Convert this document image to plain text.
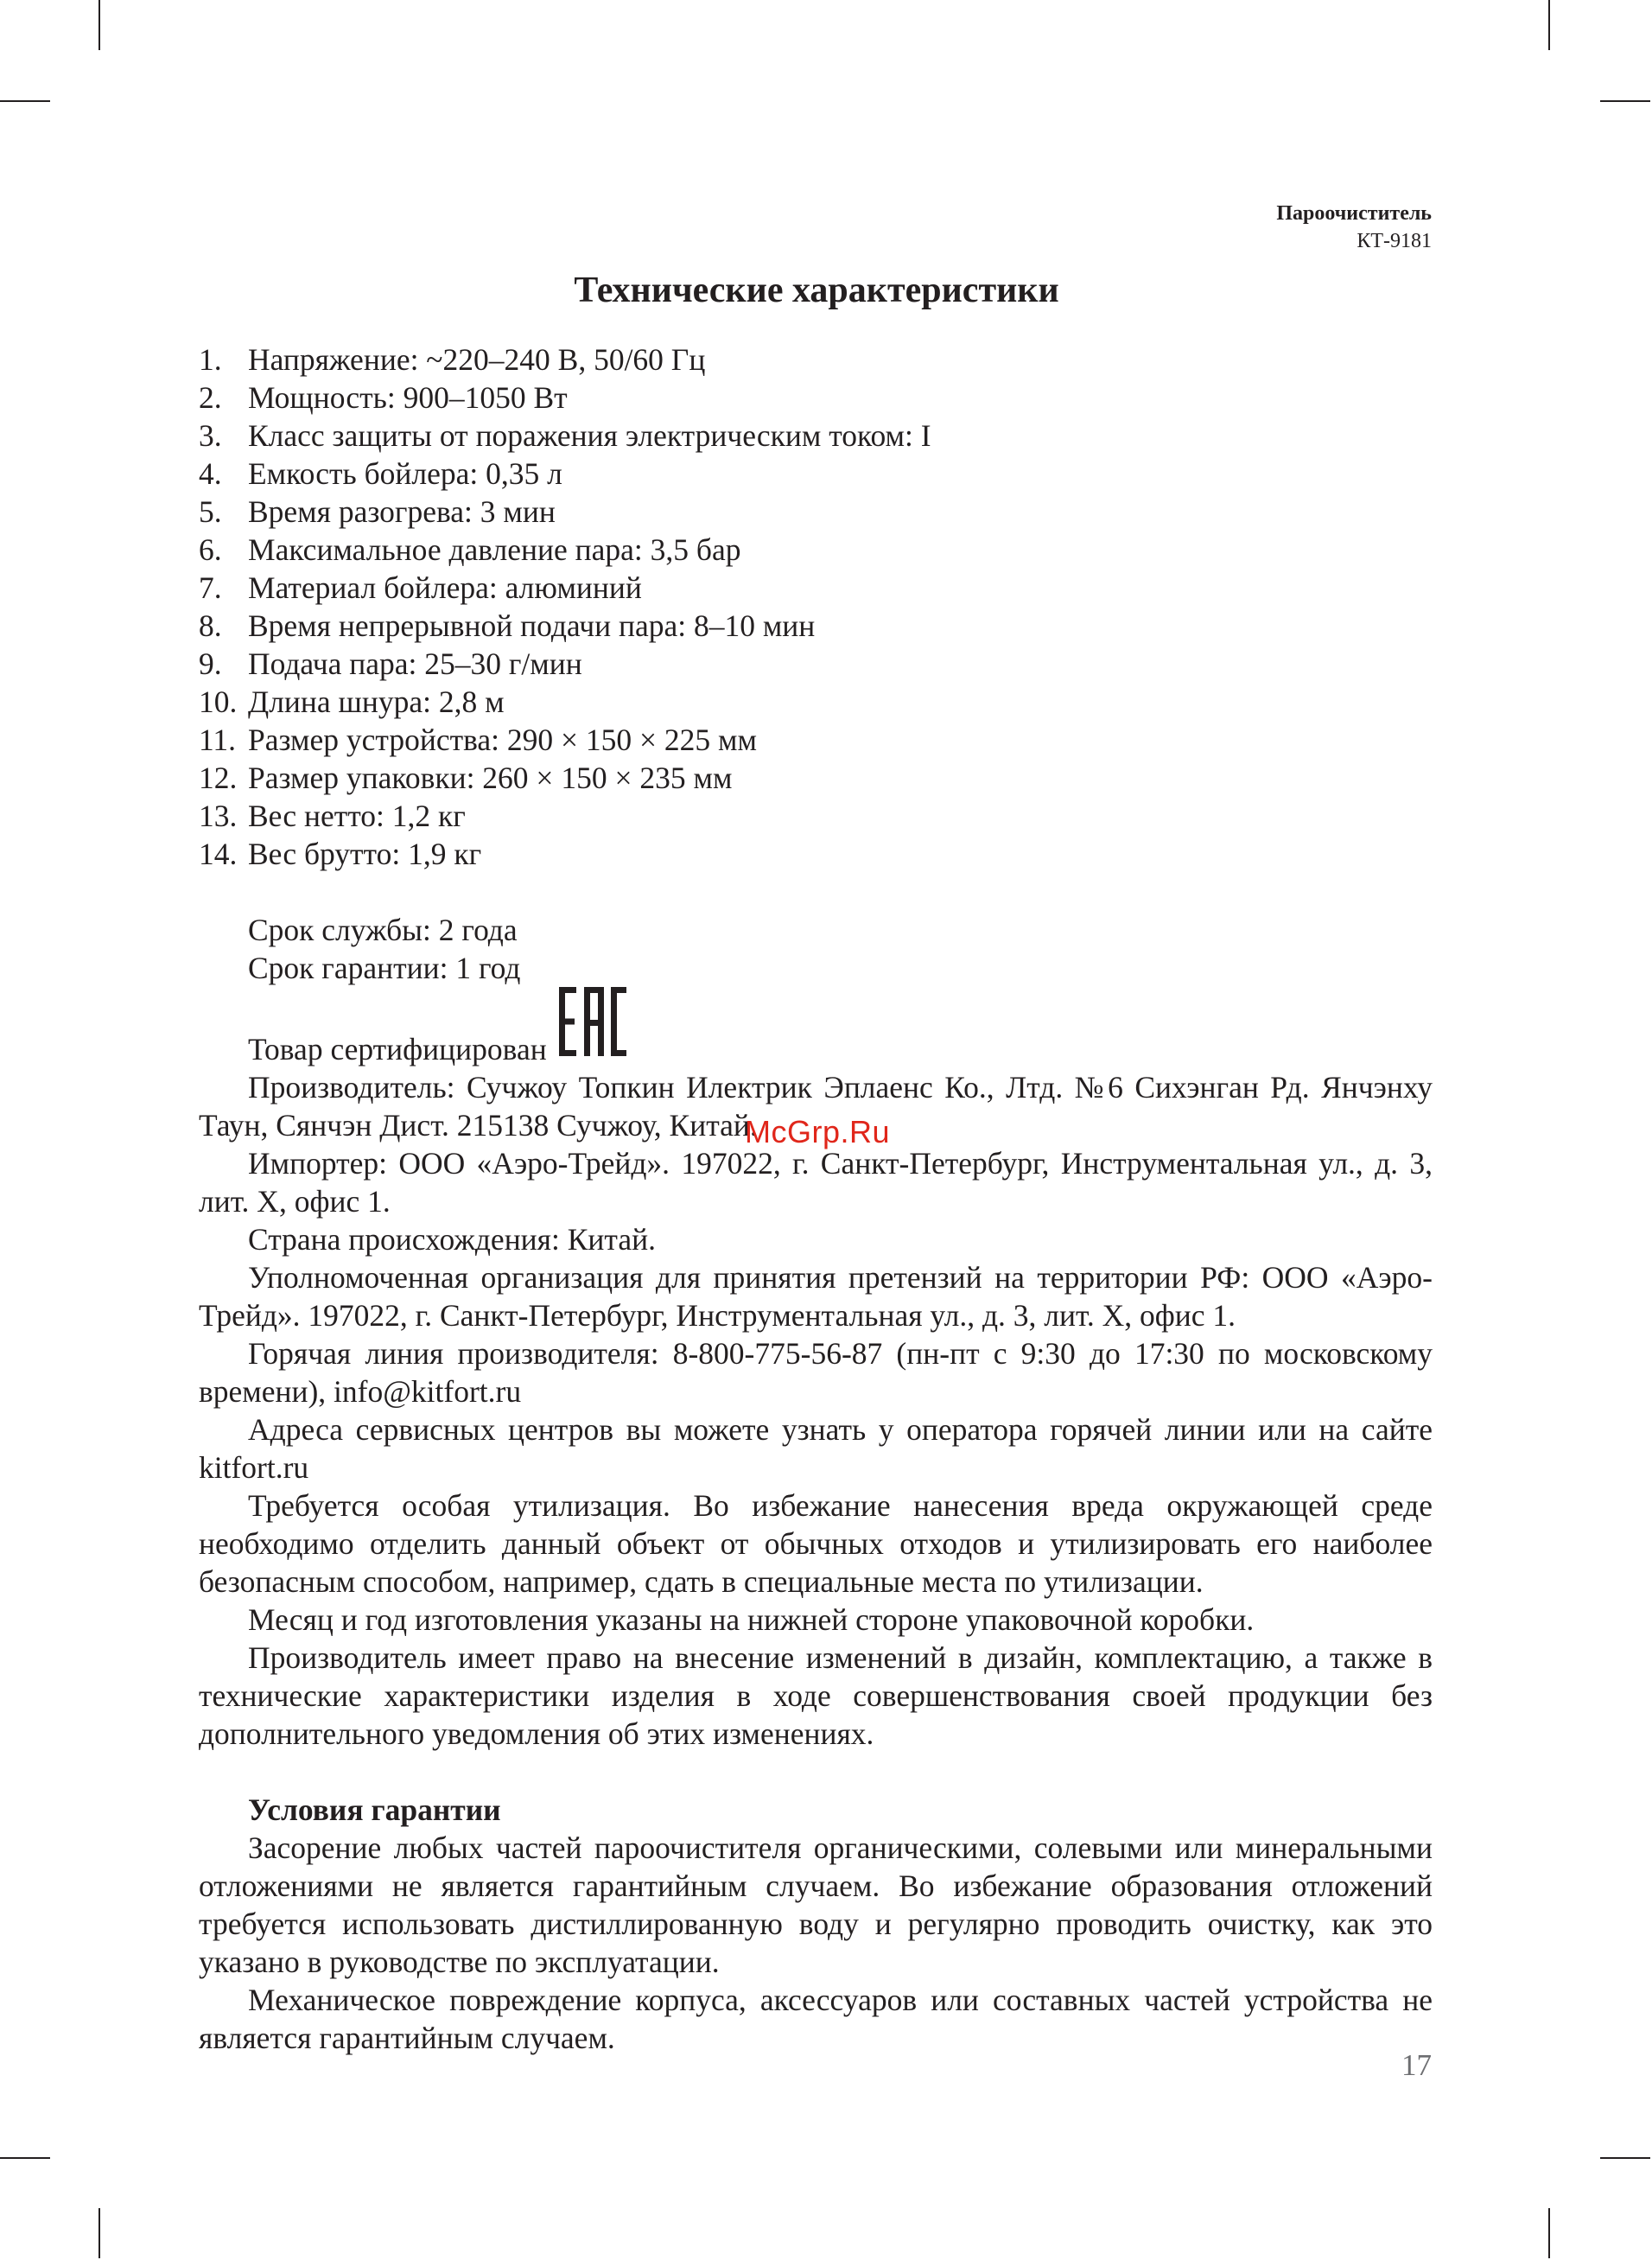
Пароочиститель
КТ-9181
Технические характеристики
1. Напряжение: ~220–240 В, 50/60 Гц
2. Мощность: 900–1050 Вт
3. Класс защиты от поражения электрическим током: I
4. Емкость бойлера: 0,35 л
5. Время разогрева: 3 мин
6. Максимальное давление пара: 3,5 бар
7. Материал бойлера: алюминий
8. Время непрерывной подачи пара: 8–10 мин
9. Подача пара: 25–30 г/мин
10. Длина шнура: 2,8 м
11. Размер устройства: 290 × 150 × 225 мм
12. Размер упаковки: 260 × 150 × 235 мм
13. Вес нетто: 1,2 кг
14. Вес брутто: 1,9 кг

Срок службы: 2 года

Срок гарантии: 1 год

Товар сертифицирован

Производитель: Сучжоу Топкин Илектрик Эплаенс Ко., Лтд. №6 Сихэнган Рд. Янчэнху Таун, Сянчэн Дист. 215138 Сучжоу, Китай.

Импортер: ООО «Аэро-Трейд». 197022, г. Санкт-Петербург, Инструментальная ул., д. 3, лит. Х, офис 1.

Страна происхождения: Китай.

Уполномоченная организация для принятия претензий на территории РФ: ООО «Аэро-Трейд». 197022, г. Санкт-Петербург, Инструментальная ул., д. 3, лит. Х, офис 1.

Горячая линия производителя: 8-800-775-56-87 (пн-пт с 9:30 до 17:30 по московскому времени), info@kitfort.ru

Адреса сервисных центров вы можете узнать у оператора горячей линии или на сайте kitfort.ru

Требуется особая утилизация. Во избежание нанесения вреда окружающей среде необходимо отделить данный объект от обычных отходов и утилизировать его наиболее безопасным способом, например, сдать в специальные места по утилизации.

Месяц и год изготовления указаны на нижней стороне упаковочной коробки.

Производитель имеет право на внесение изменений в дизайн, комплектацию, а также в технические характеристики изделия в ходе совершенствования своей продукции без дополнительного уведомления об этих изменениях.

Условия гарантии

Засорение любых частей пароочистителя органическими, солевыми или минеральными отложениями не является гарантийным случаем. Во избежание образования отложений требуется использовать дистиллированную воду и регулярно проводить очистку, как это указано в руководстве по эксплуатации.

Механическое повреждение корпуса, аксессуаров или составных частей устройства не является гарантийным случаем.

McGrp.Ru
17
